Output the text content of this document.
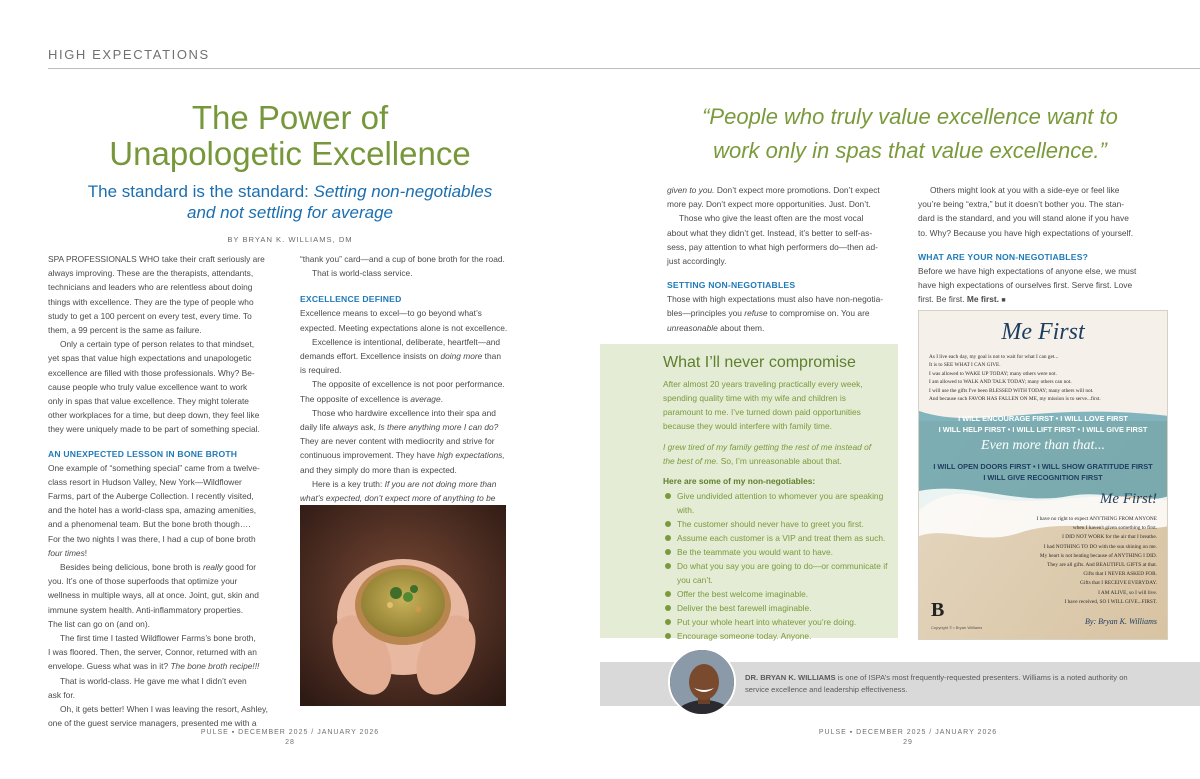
HIGH EXPECTATIONS
The Power of
Unapologetic Excellence
The standard is the standard: Setting non-negotiables
and not settling for average
BY BRYAN K. WILLIAMS, DM
SPA PROFESSIONALS WHO take their craft seriously are
always improving. These are the therapists, attendants,
technicians and leaders who are relentless about doing
things with excellence. They are the type of people who
study to get a 100 percent on every test, every time. To
them, a 99 percent is the same as failure.
Only a certain type of person relates to that mindset,
yet spas that value high expectations and unapologetic
excellence are filled with those professionals. Why? Be-
cause people who truly value excellence want to work
only in spas that value excellence. They might tolerate
other workplaces for a time, but deep down, they feel like
they were uniquely made to be part of something special.
AN UNEXPECTED LESSON IN BONE BROTH
One example of “something special” came from a twelve-
class resort in Hudson Valley, New York—Wildflower
Farms, part of the Auberge Collection. I recently visited,
and the hotel has a world-class spa, amazing amenities,
and a phenomenal team. But the bone broth though….
For the two nights I was there, I had a cup of bone broth
four times!
Besides being delicious, bone broth is really good for
you. It’s one of those superfoods that optimize your
wellness in multiple ways, all at once. Joint, gut, skin and
immune system health. Anti-inflammatory properties.
The list can go on (and on).
The first time I tasted Wildflower Farms’s bone broth,
I was floored. Then, the server, Connor, returned with an
envelope. Guess what was in it? The bone broth recipe!!!
That is world-class. He gave me what I didn’t even
ask for.
Oh, it gets better! When I was leaving the resort, Ashley,
one of the guest service managers, presented me with a
“thank you” card—and a cup of bone broth for the road.
That is world-class service.
EXCELLENCE DEFINED
Excellence means to excel—to go beyond what’s
expected. Meeting expectations alone is not excellence.
Excellence is intentional, deliberate, heartfelt—and
demands effort. Excellence insists on doing more than
is required.
The opposite of excellence is not poor performance.
The opposite of excellence is average.
Those who hardwire excellence into their spa and
daily life always ask, Is there anything more I can do?
They are never content with mediocrity and strive for
continuous improvement. They have high expectations,
and they simply do more than is expected.
Here is a key truth: If you are not doing more than
what’s expected, don’t expect more of anything to be
“People who truly value excellence want to
work only in spas that value excellence.”
given to you. Don’t expect more promotions. Don’t expect
more pay. Don’t expect more opportunities. Just. Don’t.
Those who give the least often are the most vocal
about what they didn’t get. Instead, it’s better to self-as-
sess, pay attention to what high performers do—then ad-
just accordingly.
SETTING NON-NEGOTIABLES
Those with high expectations must also have non-negotia-
bles—principles you refuse to compromise on. You are
unreasonable about them.
Others might look at you with a side-eye or feel like
you’re being “extra,” but it doesn’t bother you. The stan-
dard is the standard, and you will stand alone if you have
to. Why? Because you have high expectations of yourself.
WHAT ARE YOUR NON-NEGOTIABLES?
Before we have high expectations of anyone else, we must
have high expectations of ourselves first. Serve first. Love
first. Be first. Me first. ■
What I’ll never compromise
After almost 20 years traveling practically every week,
spending quality time with my wife and children is
paramount to me. I’ve turned down paid opportunities
because they would interfere with family time.
I grew tired of my family getting the rest of me instead of
the best of me. So, I’m unreasonable about that.
Here are some of my non-negotiables:
Give undivided attention to whomever you are speaking with.
The customer should never have to greet you first.
Assume each customer is a VIP and treat them as such.
Be the teammate you would want to have.
Do what you say you are going to do—or communicate if you can’t.
Offer the best welcome imaginable.
Deliver the best farewell imaginable.
Put your whole heart into whatever you’re doing.
Encourage someone today. Anyone.
Me First
As I live each day, my goal is not to wait for what I can get...
It is to SEE WHAT I CAN GIVE.
I was allowed to WAKE UP TODAY; many others were not.
I am allowed to WALK AND TALK TODAY; many others can not.
I will use the gifts I've been BLESSED WITH TODAY; many others will not.
And because such FAVOR HAS FALLEN ON ME, my mission is to serve...first.
I WILL ENCOURAGE FIRST • I WILL LOVE FIRST
I WILL HELP FIRST • I WILL LIFT FIRST • I WILL GIVE FIRST
Even more than that...
I WILL OPEN DOORS FIRST • I WILL SHOW GRATITUDE FIRST
I WILL GIVE RECOGNITION FIRST
Me First!
I have no right to expect ANYTHING FROM ANYONE
when I haven't given something to first.
I DID NOT WORK for the air that I breathe.
I had NOTHING TO DO with the sun shining on me.
My heart is not beating because of ANYTHING I DID.
They are all gifts. And BEAUTIFUL GIFTS at that.
Gifts that I NEVER ASKED FOR.
Gifts that I RECEIVE EVERYDAY.
I AM ALIVE, so I will live.
I have received, SO I WILL GIVE...FIRST.
B
Copyright © • Bryan Williams
By: Bryan K. Williams
DR. BRYAN K. WILLIAMS is one of ISPA’s most frequently-requested presenters. Williams is a noted authority on
service excellence and leadership effectiveness.
PULSE ▪ DECEMBER 2025 / JANUARY 2026
28
PULSE ▪ DECEMBER 2025 / JANUARY 2026
29
